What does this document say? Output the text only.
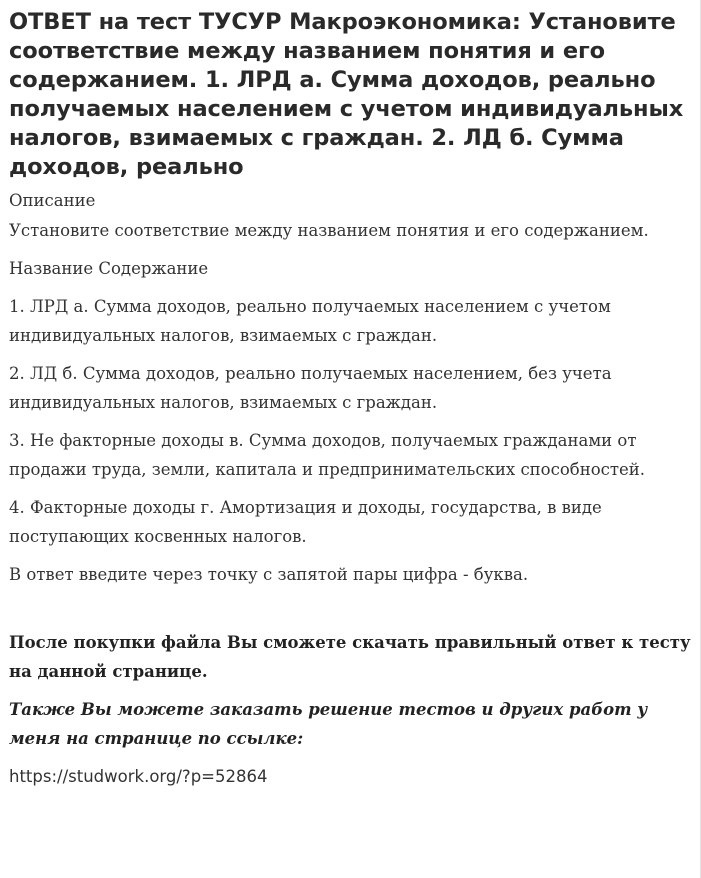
ОТВЕТ на тест ТУСУР Макроэкономика: Установите соответствие между названием понятия и его содержанием. 1. ЛРД а. Сумма доходов, реально получаемых населением с учетом индивидуальных налогов, взимаемых с граждан. 2. ЛД б. Сумма доходов, реально
Описание

Установите соответствие между названием понятия и его содержанием.

Название Содержание

1. ЛРД а. Сумма доходов, реально получаемых населением с учетом индивидуальных налогов, взимаемых с граждан.

2. ЛД б. Сумма доходов, реально получаемых населением, без учета индивидуальных налогов, взимаемых с граждан.

3. Не факторные доходы в. Сумма доходов, получаемых гражданами от продажи труда, земли, капитала и предпринимательских способностей.

4. Факторные доходы г. Амортизация и доходы, государства, в виде поступающих косвенных налогов.

В ответ введите через точку с запятой пары цифра - буква.

После покупки файла Вы сможете скачать правильный ответ к тесту на данной странице.

Также Вы можете заказать решение тестов и других работ у меня на странице по ссылке:

https://studwork.org/?p=52864
